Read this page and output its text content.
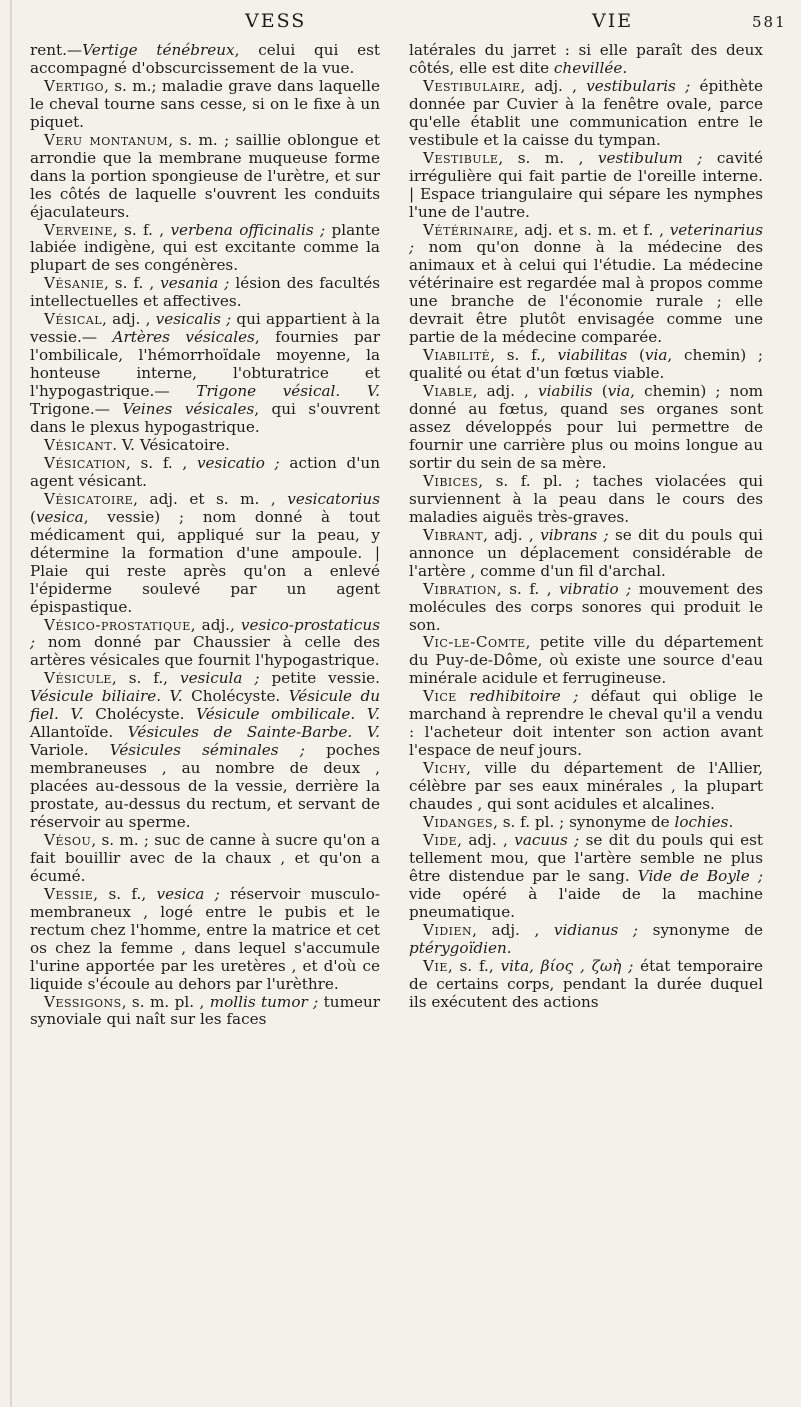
VESS	VIE	581

rent.—Vertige ténébreux, celui qui est accompagné d'obscurcissement de la vue.

Vertigo, s. m.; maladie grave dans laquelle le cheval tourne sans cesse, si on le fixe à un piquet.

Veru montanum, s. m. ; saillie oblongue et arrondie que la membrane muqueuse forme dans la portion spongieuse de l'urètre, et sur les côtés de laquelle s'ouvrent les conduits éjaculateurs.

Verveine, s. f. , verbena officinalis ; plante labiée indigène, qui est excitante comme la plupart de ses congénères.

Vésanie, s. f. , vesania ; lésion des facultés intellectuelles et affectives.

Vésical, adj. , vesicalis ; qui appartient à la vessie.— Artères vésicales, fournies par l'ombilicale, l'hémorrhoïdale moyenne, la honteuse interne, l'obturatrice et l'hypogastrique.— Trigone vésical. V. Trigone.— Veines vésicales, qui s'ouvrent dans le plexus hypogastrique.

Vésicant. V. Vésicatoire.

Vésication, s. f. , vesicatio ; action d'un agent vésicant.

Vésicatoire, adj. et s. m. , vesicatorius (vesica, vessie) ; nom donné à tout médicament qui, appliqué sur la peau, y détermine la formation d'une ampoule. | Plaie qui reste après qu'on a enlevé l'épiderme soulevé par un agent épispastique.

Vésico-prostatique, adj., vesico-prostaticus ; nom donné par Chaussier à celle des artères vésicales que fournit l'hypogastrique.

Vésicule, s. f., vesicula ; petite vessie. Vésicule biliaire. V. Cholécyste. Vésicule du fiel. V. Cholécyste. Vésicule ombilicale. V. Allantoïde. Vésicules de Sainte-Barbe. V. Variole. Vésicules séminales ; poches membraneuses , au nombre de deux , placées au-dessous de la vessie, derrière la prostate, au-dessus du rectum, et servant de réservoir au sperme.

Vésou, s. m. ; suc de canne à sucre qu'on a fait bouillir avec de la chaux , et qu'on a écumé.

Vessie, s. f., vesica ; réservoir musculo-membraneux , logé entre le pubis et le rectum chez l'homme, entre la matrice et cet os chez la femme , dans lequel s'accumule l'urine apportée par les uretères , et d'où ce liquide s'écoule au dehors par l'urèthre.

Vessigons, s. m. pl. , mollis tumor ; tumeur synoviale qui naît sur les faces

latérales du jarret : si elle paraît des deux côtés, elle est dite chevillée.

Vestibulaire, adj. , vestibularis ; épithète donnée par Cuvier à la fenêtre ovale, parce qu'elle établit une communication entre le vestibule et la caisse du tympan.

Vestibule, s. m. , vestibulum ; cavité irrégulière qui fait partie de l'oreille interne. | Espace triangulaire qui sépare les nymphes l'une de l'autre.

Vétérinaire, adj. et s. m. et f. , veterinarius ; nom qu'on donne à la médecine des animaux et à celui qui l'étudie. La médecine vétérinaire est regardée mal à propos comme une branche de l'économie rurale ; elle devrait être plutôt envisagée comme une partie de la médecine comparée.

Viabilité, s. f., viabilitas (via, chemin) ; qualité ou état d'un fœtus viable.

Viable, adj. , viabilis (via, chemin) ; nom donné au fœtus, quand ses organes sont assez développés pour lui permettre de fournir une carrière plus ou moins longue au sortir du sein de sa mère.

Vibices, s. f. pl. ; taches violacées qui surviennent à la peau dans le cours des maladies aiguës très-graves.

Vibrant, adj. , vibrans ; se dit du pouls qui annonce un déplacement considérable de l'artère , comme d'un fil d'archal.

Vibration, s. f. , vibratio ; mouvement des molécules des corps sonores qui produit le son.

Vic-le-Comte, petite ville du département du Puy-de-Dôme, où existe une source d'eau minérale acidule et ferrugineuse.

Vice redhibitoire ; défaut qui oblige le marchand à reprendre le cheval qu'il a vendu : l'acheteur doit intenter son action avant l'espace de neuf jours.

Vichy, ville du département de l'Allier, célèbre par ses eaux minérales , la plupart chaudes , qui sont acidules et alcalines.

Vidanges, s. f. pl. ; synonyme de lochies.

Vide, adj. , vacuus ; se dit du pouls qui est tellement mou, que l'artère semble ne plus être distendue par le sang. Vide de Boyle ; vide opéré à l'aide de la machine pneumatique.

Vidien, adj. , vidianus ; synonyme de ptérygoïdien.

Vie, s. f., vita, βίος , ζωὴ ; état temporaire de certains corps, pendant la durée duquel ils exécutent des actions
